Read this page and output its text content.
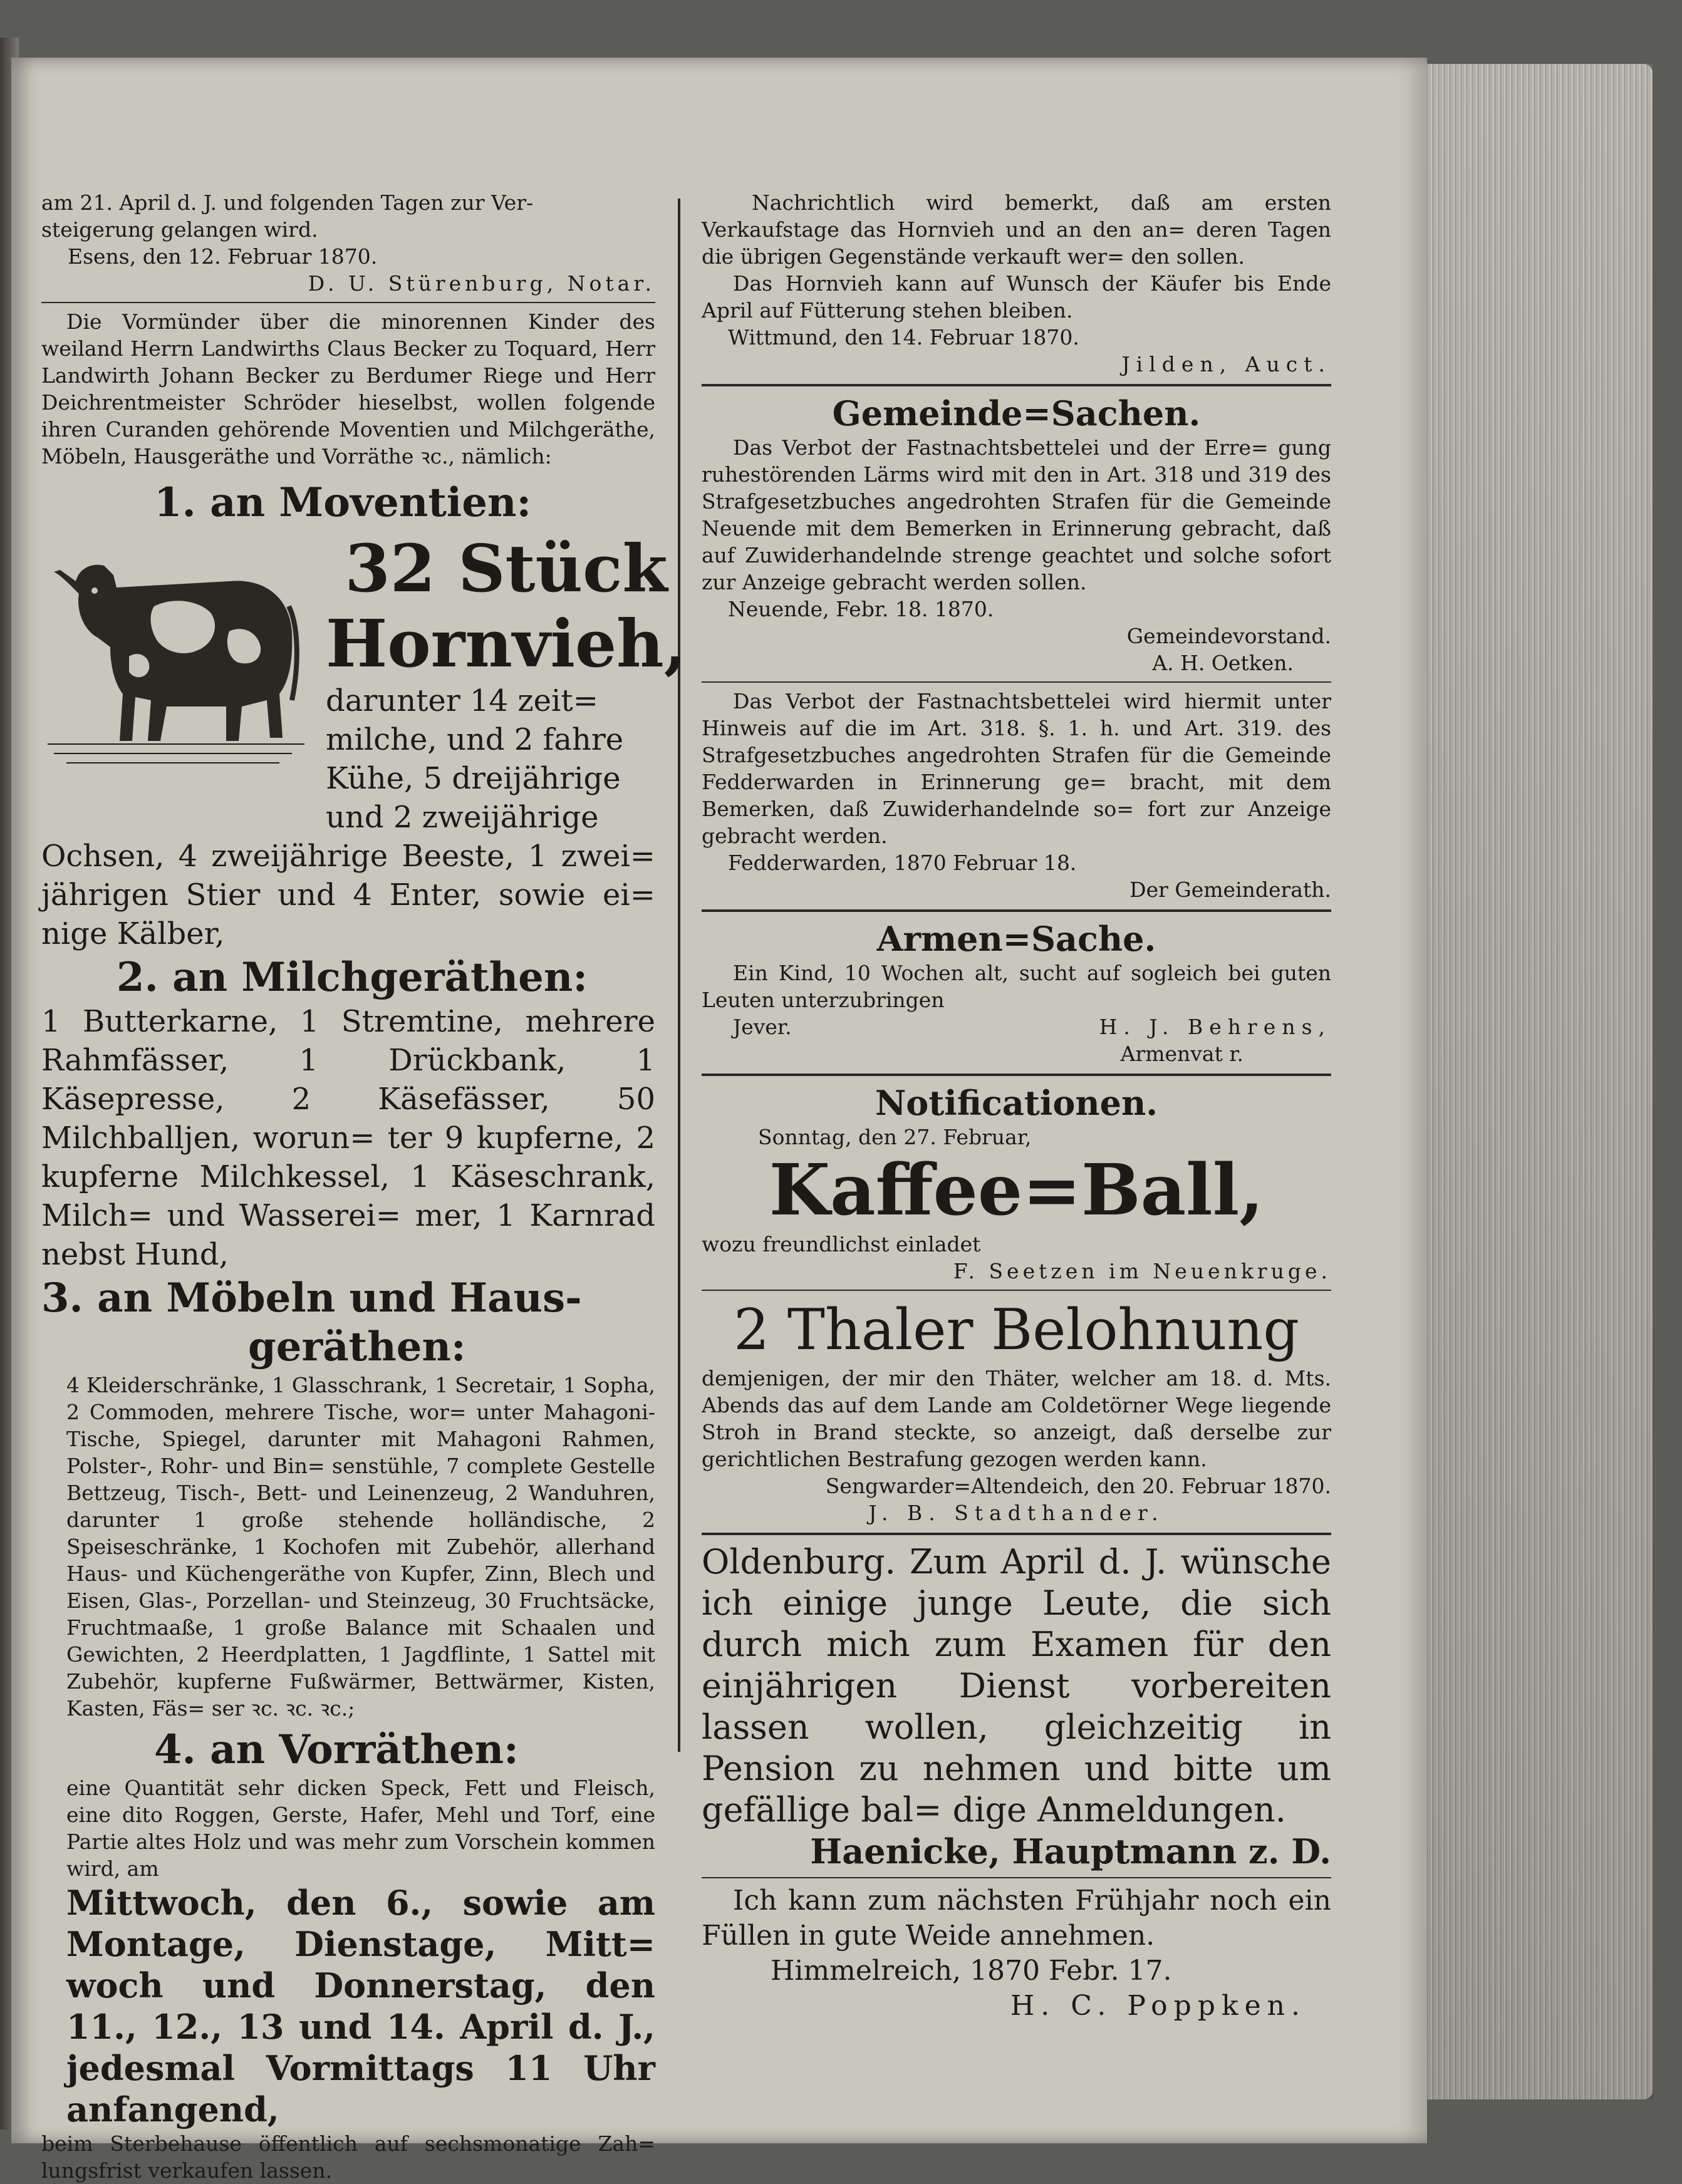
am 21. April d. J. und folgenden Tagen zur Ver-

steigerung gelangen wird.

Esens, den 12. Februar 1870.

D. U. Stürenburg, Notar.

Die Vormünder über die minorennen Kinder des weiland Herrn Landwirths Claus Becker zu Toquard, Herr Landwirth Johann Becker zu Berdumer Riege und Herr Deichrentmeister Schröder hieselbst, wollen folgende ihren Curanden gehörende Moventien und Milchgeräthe, Möbeln, Hausgeräthe und Vorräthe ꝛc., nämlich:

1. an Moventien:

32 Stück

Hornvieh,

darunter 14 zeit=

milche, und 2 fahre

Kühe, 5 dreijährige

und 2 zweijährige

Ochsen, 4 zweijährige Beeste, 1 zwei= jährigen Stier und 4 Enter, sowie ei= nige Kälber,

2. an Milchgeräthen:

1 Butterkarne, 1 Stremtine, mehrere Rahmfässer, 1 Drückbank, 1 Käsepresse, 2 Käsefässer, 50 Milchballjen, worun= ter 9 kupferne, 2 kupferne Milchkessel, 1 Käseschrank, Milch= und Wasserei= mer, 1 Karnrad nebst Hund,

3. an Möbeln und Haus-

geräthen:

4 Kleiderschränke, 1 Glasschrank, 1 Secretair, 1 Sopha, 2 Commoden, mehrere Tische, wor= unter Mahagoni-Tische, Spiegel, darunter mit Mahagoni Rahmen, Polster-, Rohr- und Bin= senstühle, 7 complete Gestelle Bettzeug, Tisch-, Bett- und Leinenzeug, 2 Wanduhren, darunter 1 große stehende holländische, 2 Speiseschränke, 1 Kochofen mit Zubehör, allerhand Haus- und Küchengeräthe von Kupfer, Zinn, Blech und Eisen, Glas-, Porzellan- und Steinzeug, 30 Fruchtsäcke, Fruchtmaaße, 1 große Balance mit Schaalen und Gewichten, 2 Heerdplatten, 1 Jagdflinte, 1 Sattel mit Zubehör, kupferne Fußwärmer, Bettwärmer, Kisten, Kasten, Fäs= ser ꝛc. ꝛc. ꝛc.;

4. an Vorräthen:

eine Quantität sehr dicken Speck, Fett und Fleisch, eine dito Roggen, Gerste, Hafer, Mehl und Torf, eine Partie altes Holz und was mehr zum Vorschein kommen wird, am

Mittwoch, den 6., sowie am Montage, Dienstage, Mitt= woch und Donnerstag, den 11., 12., 13 und 14. April d. J., jedesmal Vormittags 11 Uhr anfangend,

beim Sterbehause öffentlich auf sechsmonatige Zah= lungsfrist verkaufen lassen.

Nachrichtlich wird bemerkt, daß am ersten Verkaufstage das Hornvieh und an den an= deren Tagen die übrigen Gegenstände verkauft wer= den sollen.

Das Hornvieh kann auf Wunsch der Käufer bis Ende April auf Fütterung stehen bleiben.

Wittmund, den 14. Februar 1870.

Jilden, Auct.

Gemeinde=Sachen.

Das Verbot der Fastnachtsbettelei und der Erre= gung ruhestörenden Lärms wird mit den in Art. 318 und 319 des Strafgesetzbuches angedrohten Strafen für die Gemeinde Neuende mit dem Bemerken in Erinnerung gebracht, daß auf Zuwiderhandelnde strenge geachtet und solche sofort zur Anzeige gebracht werden sollen.

Neuende, Febr. 18. 1870.

Gemeindevorstand.

A. H. Oetken.

Das Verbot der Fastnachtsbettelei wird hiermit unter Hinweis auf die im Art. 318. §. 1. h. und Art. 319. des Strafgesetzbuches angedrohten Strafen für die Gemeinde Fedderwarden in Erinnerung ge= bracht, mit dem Bemerken, daß Zuwiderhandelnde so= fort zur Anzeige gebracht werden.

Fedderwarden, 1870 Februar 18.

Der Gemeinderath.

Armen=Sache.

Ein Kind, 10 Wochen alt, sucht auf sogleich bei guten Leuten unterzubringen

Jever.	H. J. Behrens,

Armenvat r.

Notificationen.

Sonntag, den 27. Februar,

Kaffee=Ball,

wozu freundlichst einladet

F. Seetzen im Neuenkruge.

2 Thaler Belohnung

demjenigen, der mir den Thäter, welcher am 18. d. Mts. Abends das auf dem Lande am Coldetörner Wege liegende Stroh in Brand steckte, so anzeigt, daß derselbe zur gerichtlichen Bestrafung gezogen werden kann.

Sengwarder=Altendeich, den 20. Februar 1870.

J. B. Stadthander.

Oldenburg. Zum April d. J. wünsche ich einige junge Leute, die sich durch mich zum Examen für den einjährigen Dienst vorbereiten lassen wollen, gleichzeitig in Pension zu nehmen und bitte um gefällige bal= dige Anmeldungen.

Haenicke, Hauptmann z. D.

Ich kann zum nächsten Frühjahr noch ein Füllen in gute Weide annehmen.

Himmelreich, 1870 Febr. 17.

H. C. Poppken.
